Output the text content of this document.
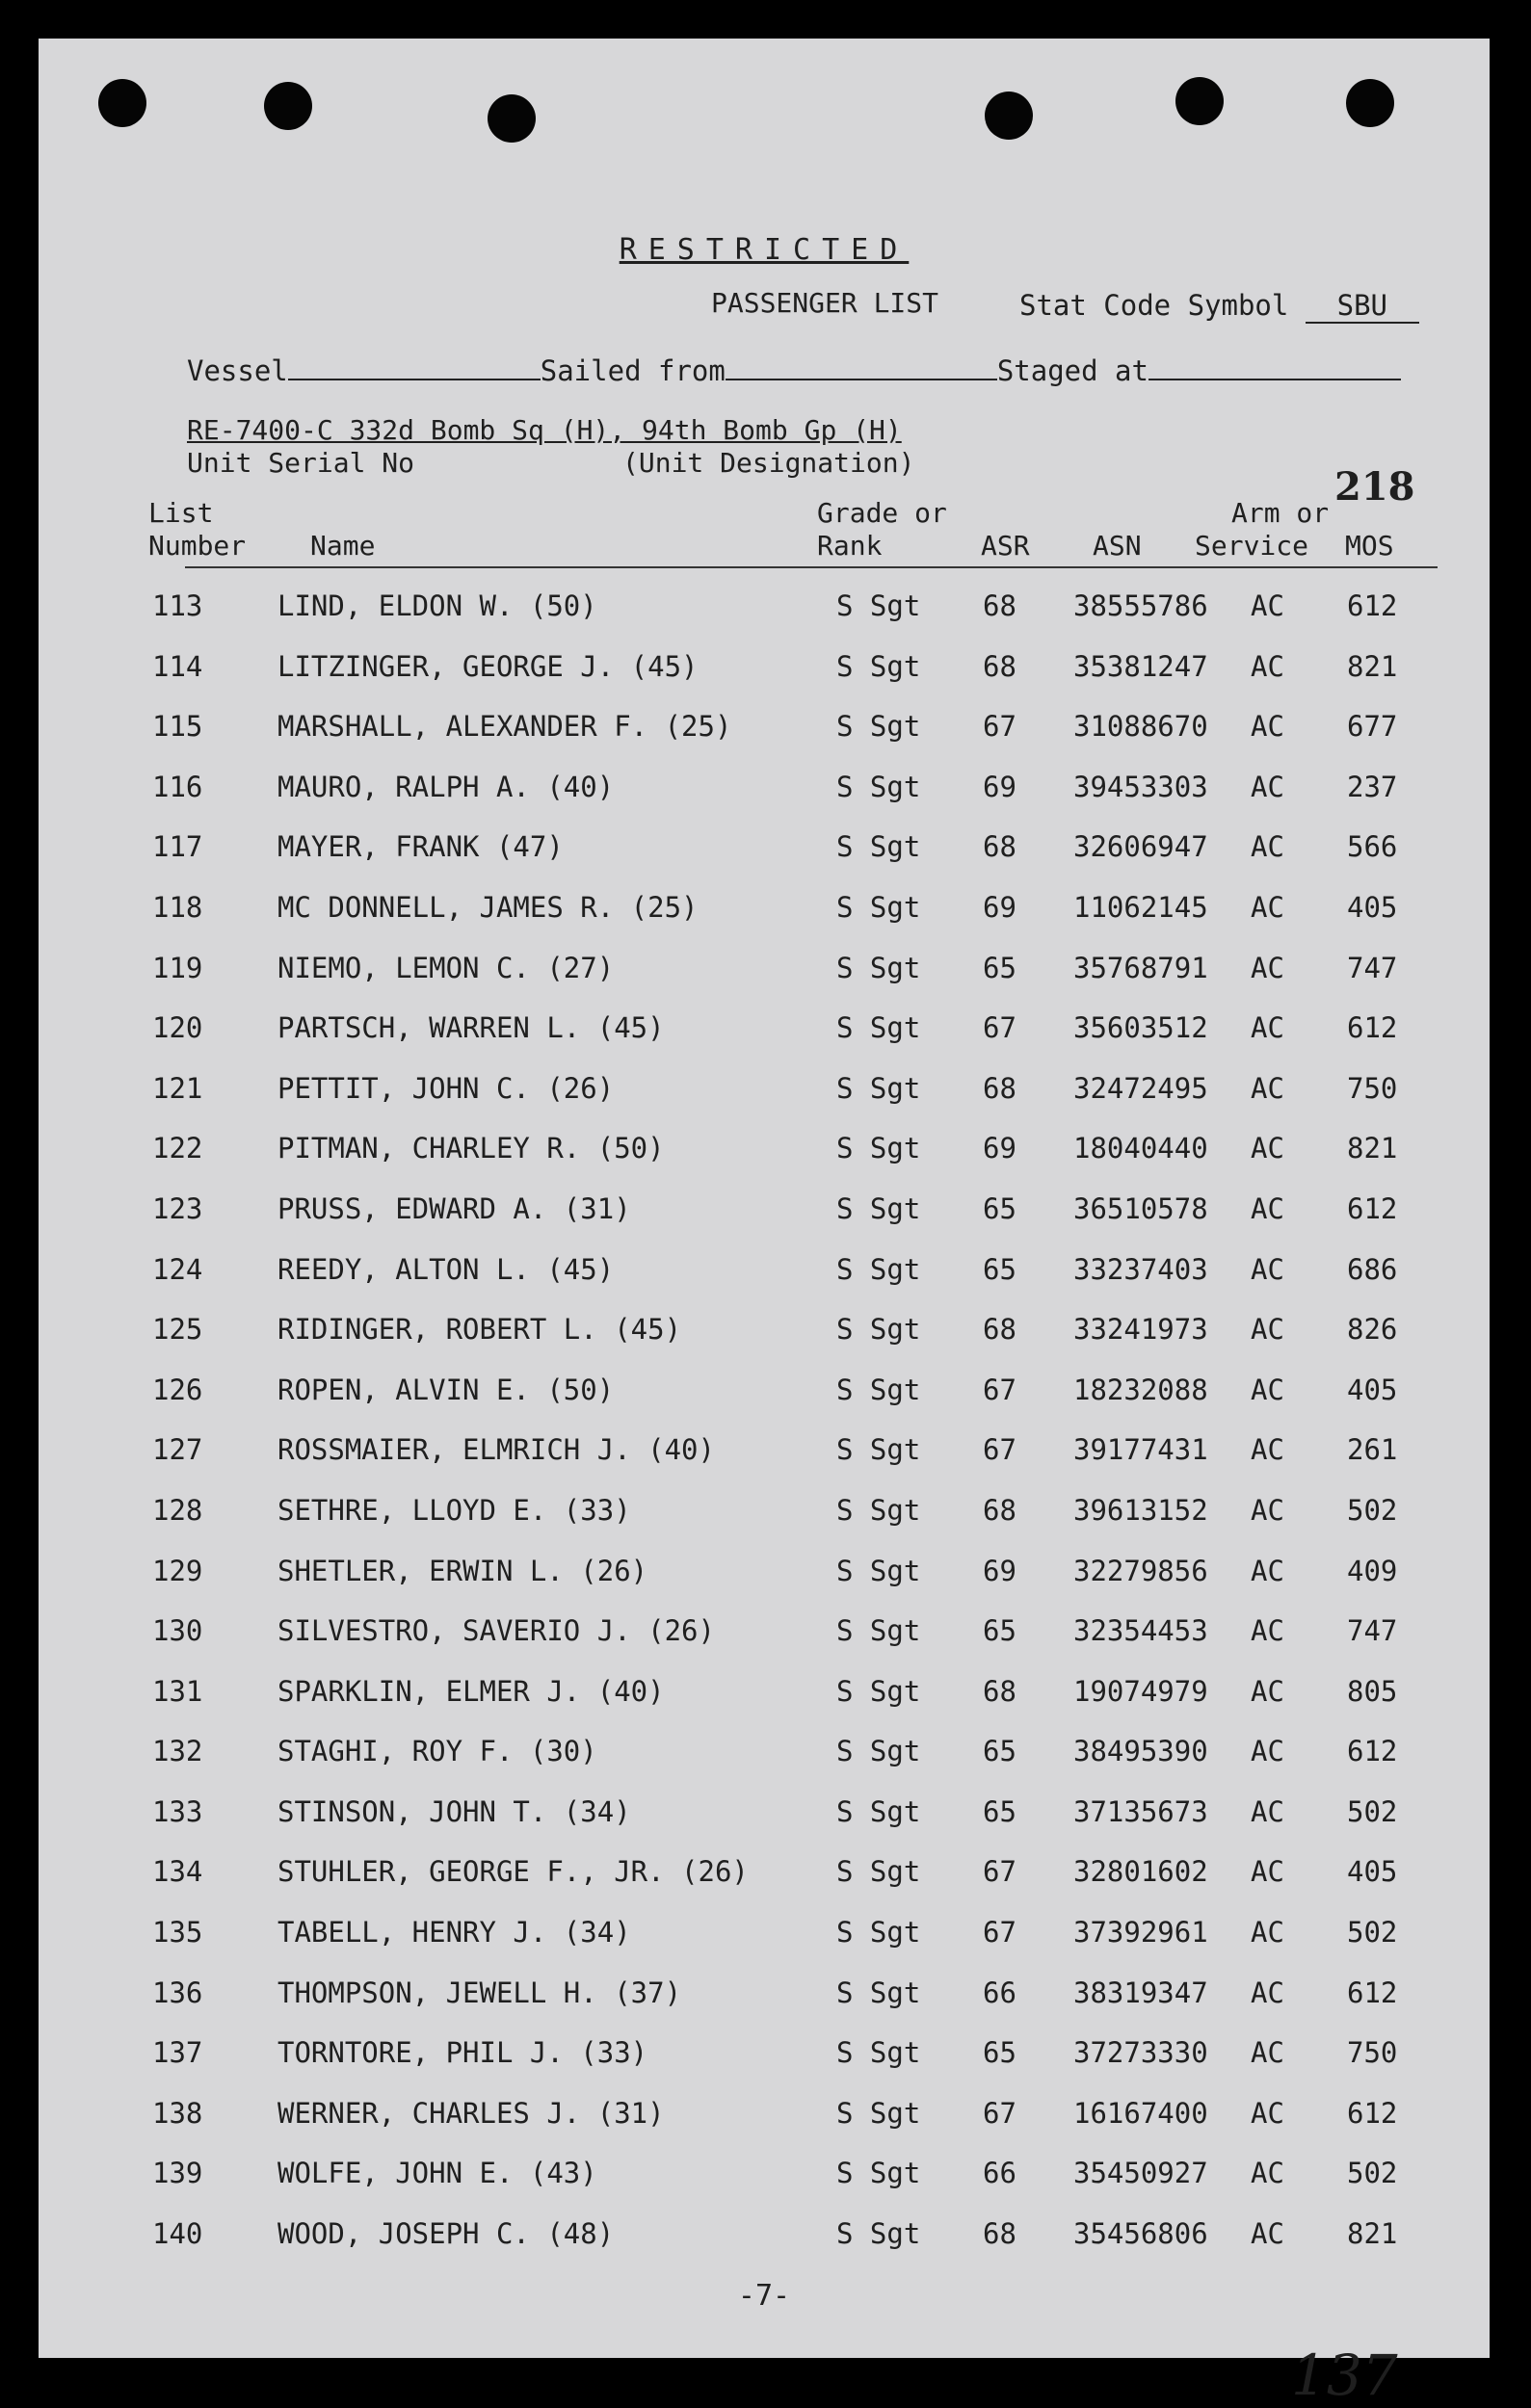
RESTRICTED
PASSENGER LIST	Stat Code Symbol SBU
Vessel	Sailed from	Staged at
RE-7400-C 332d Bomb Sq (H), 94th Bomb Gp (H)
Unit Serial No	(Unit Designation)
218
List
Number Name
Grade or
Rank	ASR ASN
Arm or
Service	MOS
113	LIND, ELDON W. (50)	S Sgt 68 38555786 AC 612
114	LITZINGER, GEORGE J. (45)	S Sgt 68 35381247 AC 821
115	MARSHALL, ALEXANDER F. (25)	S Sgt 67 31088670 AC 677
116	MAURO, RALPH A. (40)	S Sgt 69 39453303 AC 237
117	MAYER, FRANK (47)	S Sgt 68 32606947 AC 566
118	MC DONNELL, JAMES R. (25)	S Sgt 69 11062145 AC 405
119	NIEMO, LEMON C. (27)	S Sgt 65 35768791 AC 747
120	PARTSCH, WARREN L. (45)	S Sgt 67 35603512 AC 612
121	PETTIT, JOHN C. (26)	S Sgt 68 32472495 AC 750
122	PITMAN, CHARLEY R. (50)	S Sgt 69 18040440 AC 821
123	PRUSS, EDWARD A. (31)	S Sgt 65 36510578 AC 612
124	REEDY, ALTON L. (45)	S Sgt 65 33237403 AC 686
125	RIDINGER, ROBERT L. (45)	S Sgt 68 33241973 AC 826
126	ROPEN, ALVIN E. (50)	S Sgt 67 18232088 AC 405
127	ROSSMAIER, ELMRICH J. (40)	S Sgt 67 39177431 AC 261
128	SETHRE, LLOYD E. (33)	S Sgt 68 39613152 AC 502
129	SHETLER, ERWIN L. (26)	S Sgt 69 32279856 AC 409
130	SILVESTRO, SAVERIO J. (26)	S Sgt 65 32354453 AC 747
131	SPARKLIN, ELMER J. (40)	S Sgt 68 19074979 AC 805
132	STAGHI, ROY F. (30)	S Sgt 65 38495390 AC 612
133	STINSON, JOHN T. (34)	S Sgt 65 37135673 AC 502
134	STUHLER, GEORGE F., JR. (26)	S Sgt 67 32801602 AC 405
135	TABELL, HENRY J. (34)	S Sgt 67 37392961 AC 502
136	THOMPSON, JEWELL H. (37)	S Sgt 66 38319347 AC 612
137	TORNTORE, PHIL J. (33)	S Sgt 65 37273330 AC 750
138	WERNER, CHARLES J. (31)	S Sgt 67 16167400 AC 612
139	WOLFE, JOHN E. (43)	S Sgt 66 35450927 AC 502
140	WOOD, JOSEPH C. (48)	S Sgt 68 35456806 AC 821
-7-
137
